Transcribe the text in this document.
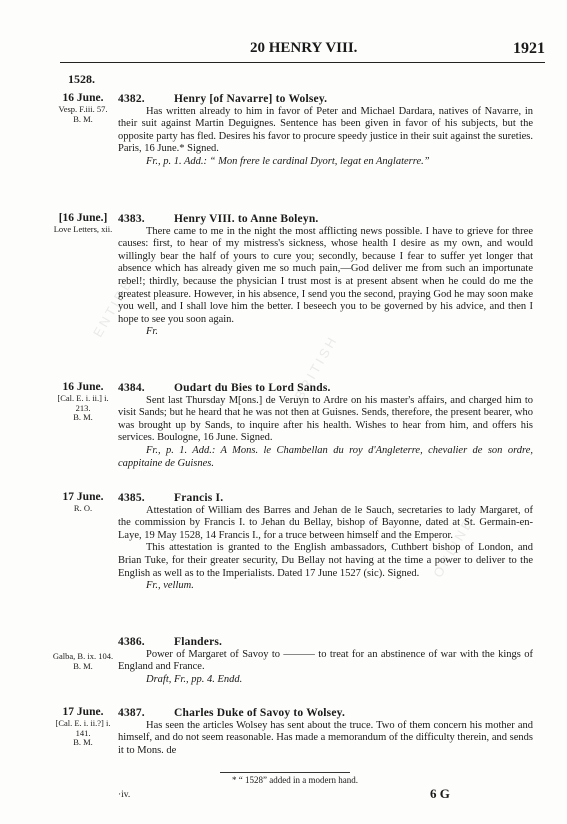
ENTIRE
BRITISH
ONLINE
20 HENRY VIII.	1921
1528.
16 June.
Vesp. F.iii. 57.
B. M.
4382.	Henry [of Navarre] to Wolsey.

Has written already to him in favor of Peter and Michael Dardara, natives of Navarre, in their suit against Martin Deguignes. Sentence has been given in favor of his subjects, but the opposite party has fled. Desires his favor to procure speedy justice in their suit against the sureties. Paris, 16 June.* Signed.

Fr., p. 1. Add.: “ Mon frere le cardinal Dyort, legat en Anglaterre.”

[16 June.]
Love Letters, xii.
4383.	Henry VIII. to Anne Boleyn.

There came to me in the night the most afflicting news possible. I have to grieve for three causes: first, to hear of my mistress's sickness, whose health I desire as my own, and would willingly bear the half of yours to cure you; secondly, because I fear to suffer yet longer that absence which has already given me so much pain,—God deliver me from such an importunate rebel!; thirdly, because the physician I trust most is at present absent when he could do me the greatest pleasure. However, in his absence, I send you the second, praying God he may soon make you well, and I shall love him the better. I beseech you to be governed by his advice, and then I hope to see you soon again.

Fr.

16 June.
[Cal. E. i. ii.] i. 213.
B. M.
4384.	Oudart du Bies to Lord Sands.

Sent last Thursday M[ons.] de Veruyn to Ardre on his master's affairs, and charged him to visit Sands; but he heard that he was not then at Guisnes. Sends, therefore, the present bearer, who was brought up by Sands, to inquire after his health. Wishes to hear from him, and offers his services. Boulogne, 16 June. Signed.

Fr., p. 1. Add.: A Mons. le Chambellan du roy d'Angleterre, chevalier de son ordre, cappitaine de Guisnes.

17 June.
R. O.
4385.	Francis I.

Attestation of William des Barres and Jehan de le Sauch, secretaries to lady Margaret, of the commission by Francis I. to Jehan du Bellay, bishop of Bayonne, dated at St. Germain-en-Laye, 19 May 1528, 14 Francis I., for a truce between himself and the Emperor.

This attestation is granted to the English ambassadors, Cuthbert bishop of London, and Brian Tuke, for their greater security, Du Bellay not having at the time a power to deliver to the English as well as to the Imperialists. Dated 17 June 1527 (sic). Signed.

Fr., vellum.

Galba, B. ix. 104.
B. M.
4386.	Flanders.

Power of Margaret of Savoy to ——— to treat for an abstinence of war with the kings of England and France.

Draft, Fr., pp. 4. Endd.

17 June.
[Cal. E. i. ii.?] i. 141.
B. M.
4387.	Charles Duke of Savoy to Wolsey.

Has seen the articles Wolsey has sent about the truce. Two of them concern his mother and himself, and do not seem reasonable. Has made a memorandum of the difficulty therein, and sends it to Mons. de

* “ 1528” added in a modern hand.
·iv.	6 G
